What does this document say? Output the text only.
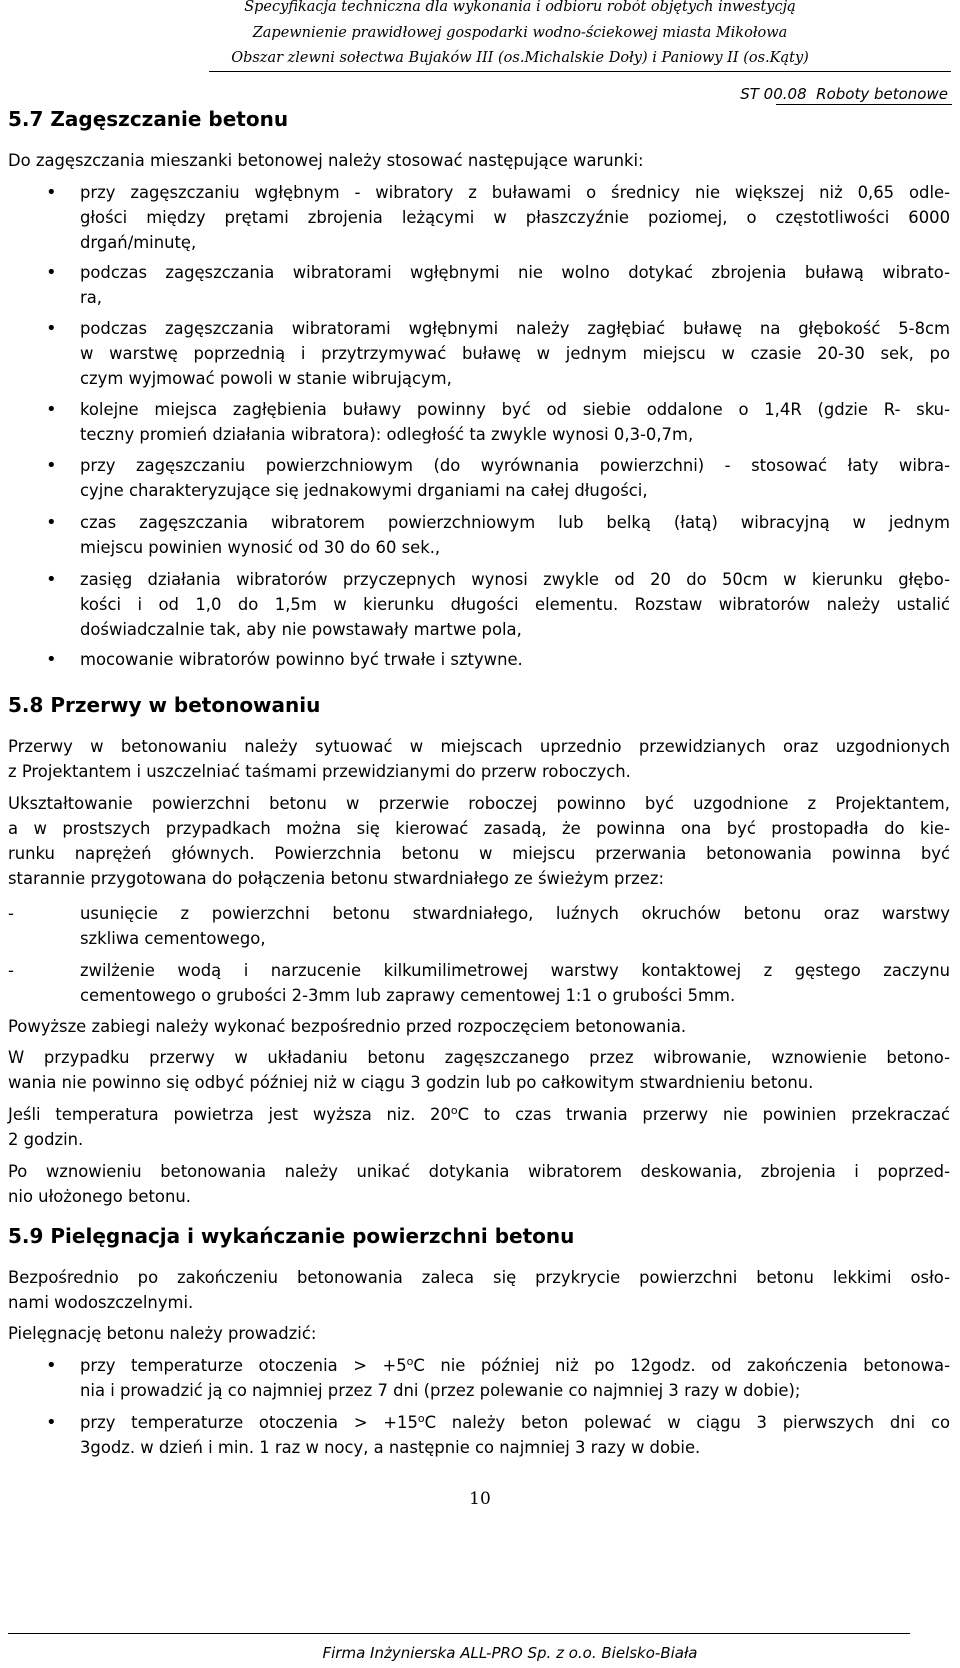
Specyfikacja techniczna dla wykonania i odbioru robót objętych inwestycją
Zapewnienie prawidłowej gospodarki wodno-ściekowej miasta Mikołowa
Obszar zlewni sołectwa Bujaków III (os.Michalskie Doły) i Paniowy II (os.Kąty)
ST 00.08 Roboty betonowe
5.7 Zagęszczanie betonu
Do zagęszczania mieszanki betonowej należy stosować następujące warunki:
• przy zagęszczaniu wgłębnym - wibratory z buławami o średnicy nie większej niż 0,65 odle-
głości między prętami zbrojenia leżącymi w płaszczyźnie poziomej, o częstotliwości 6000
drgań/minutę,
• podczas zagęszczania wibratorami wgłębnymi nie wolno dotykać zbrojenia buławą wibrato-
ra,
• podczas zagęszczania wibratorami wgłębnymi należy zagłębiać buławę na głębokość 5-8cm
w warstwę poprzednią i przytrzymywać buławę w jednym miejscu w czasie 20-30 sek, po
czym wyjmować powoli w stanie wibrującym,
• kolejne miejsca zagłębienia buławy powinny być od siebie oddalone o 1,4R (gdzie R- sku-
teczny promień działania wibratora): odległość ta zwykle wynosi 0,3-0,7m,
• przy zagęszczaniu powierzchniowym (do wyrównania powierzchni) - stosować łaty wibra-
cyjne charakteryzujące się jednakowymi drganiami na całej długości,
• czas zagęszczania wibratorem powierzchniowym lub belką (łatą) wibracyjną w jednym
miejscu powinien wynosić od 30 do 60 sek.,
• zasięg działania wibratorów przyczepnych wynosi zwykle od 20 do 50cm w kierunku głębo-
kości i od 1,0 do 1,5m w kierunku długości elementu. Rozstaw wibratorów należy ustalić
doświadczalnie tak, aby nie powstawały martwe pola,
• mocowanie wibratorów powinno być trwałe i sztywne.
5.8 Przerwy w betonowaniu
Przerwy w betonowaniu należy sytuować w miejscach uprzednio przewidzianych oraz uzgodnionych
z Projektantem i uszczelniać taśmami przewidzianymi do przerw roboczych.
Ukształtowanie powierzchni betonu w przerwie roboczej powinno być uzgodnione z Projektantem,
a w prostszych przypadkach można się kierować zasadą, że powinna ona być prostopadła do kie-
runku naprężeń głównych. Powierzchnia betonu w miejscu przerwania betonowania powinna być
starannie przygotowana do połączenia betonu stwardniałego ze świeżym przez:
-	usunięcie z powierzchni betonu stwardniałego, luźnych okruchów betonu oraz warstwy
szkliwa cementowego,
-	zwilżenie wodą i narzucenie kilkumilimetrowej warstwy kontaktowej z gęstego zaczynu
cementowego o grubości 2-3mm lub zaprawy cementowej 1:1 o grubości 5mm.
Powyższe zabiegi należy wykonać bezpośrednio przed rozpoczęciem betonowania.
W przypadku przerwy w układaniu betonu zagęszczanego przez wibrowanie, wznowienie betono-
wania nie powinno się odbyć później niż w ciągu 3 godzin lub po całkowitym stwardnieniu betonu.
Jeśli temperatura powietrza jest wyższa niz. 20$^o$C to czas trwania przerwy nie powinien przekraczać
2 godzin.
Po wznowieniu betonowania należy unikać dotykania wibratorem deskowania, zbrojenia i poprzed-
nio ułożonego betonu.
5.9 Pielęgnacja i wykańczanie powierzchni betonu
Bezpośrednio po zakończeniu betonowania zaleca się przykrycie powierzchni betonu lekkimi osło-
nami wodoszczelnymi.
Pielęgnację betonu należy prowadzić:
• przy temperaturze otoczenia > $+5^oC$ nie później niż po 12godz. od zakończenia betonowa-
nia i prowadzić ją co najmniej przez 7 dni (przez polewanie co najmniej 3 razy w dobie);
• przy temperaturze otoczenia > $+15^oC$ należy beton polewać w ciągu 3 pierwszych dni co
3godz. w dzień i min. 1 raz w nocy, a następnie co najmniej 3 razy w dobie.
10
Firma Inżynierska ALL-PRO Sp. z o.o. Bielsko-Biała
